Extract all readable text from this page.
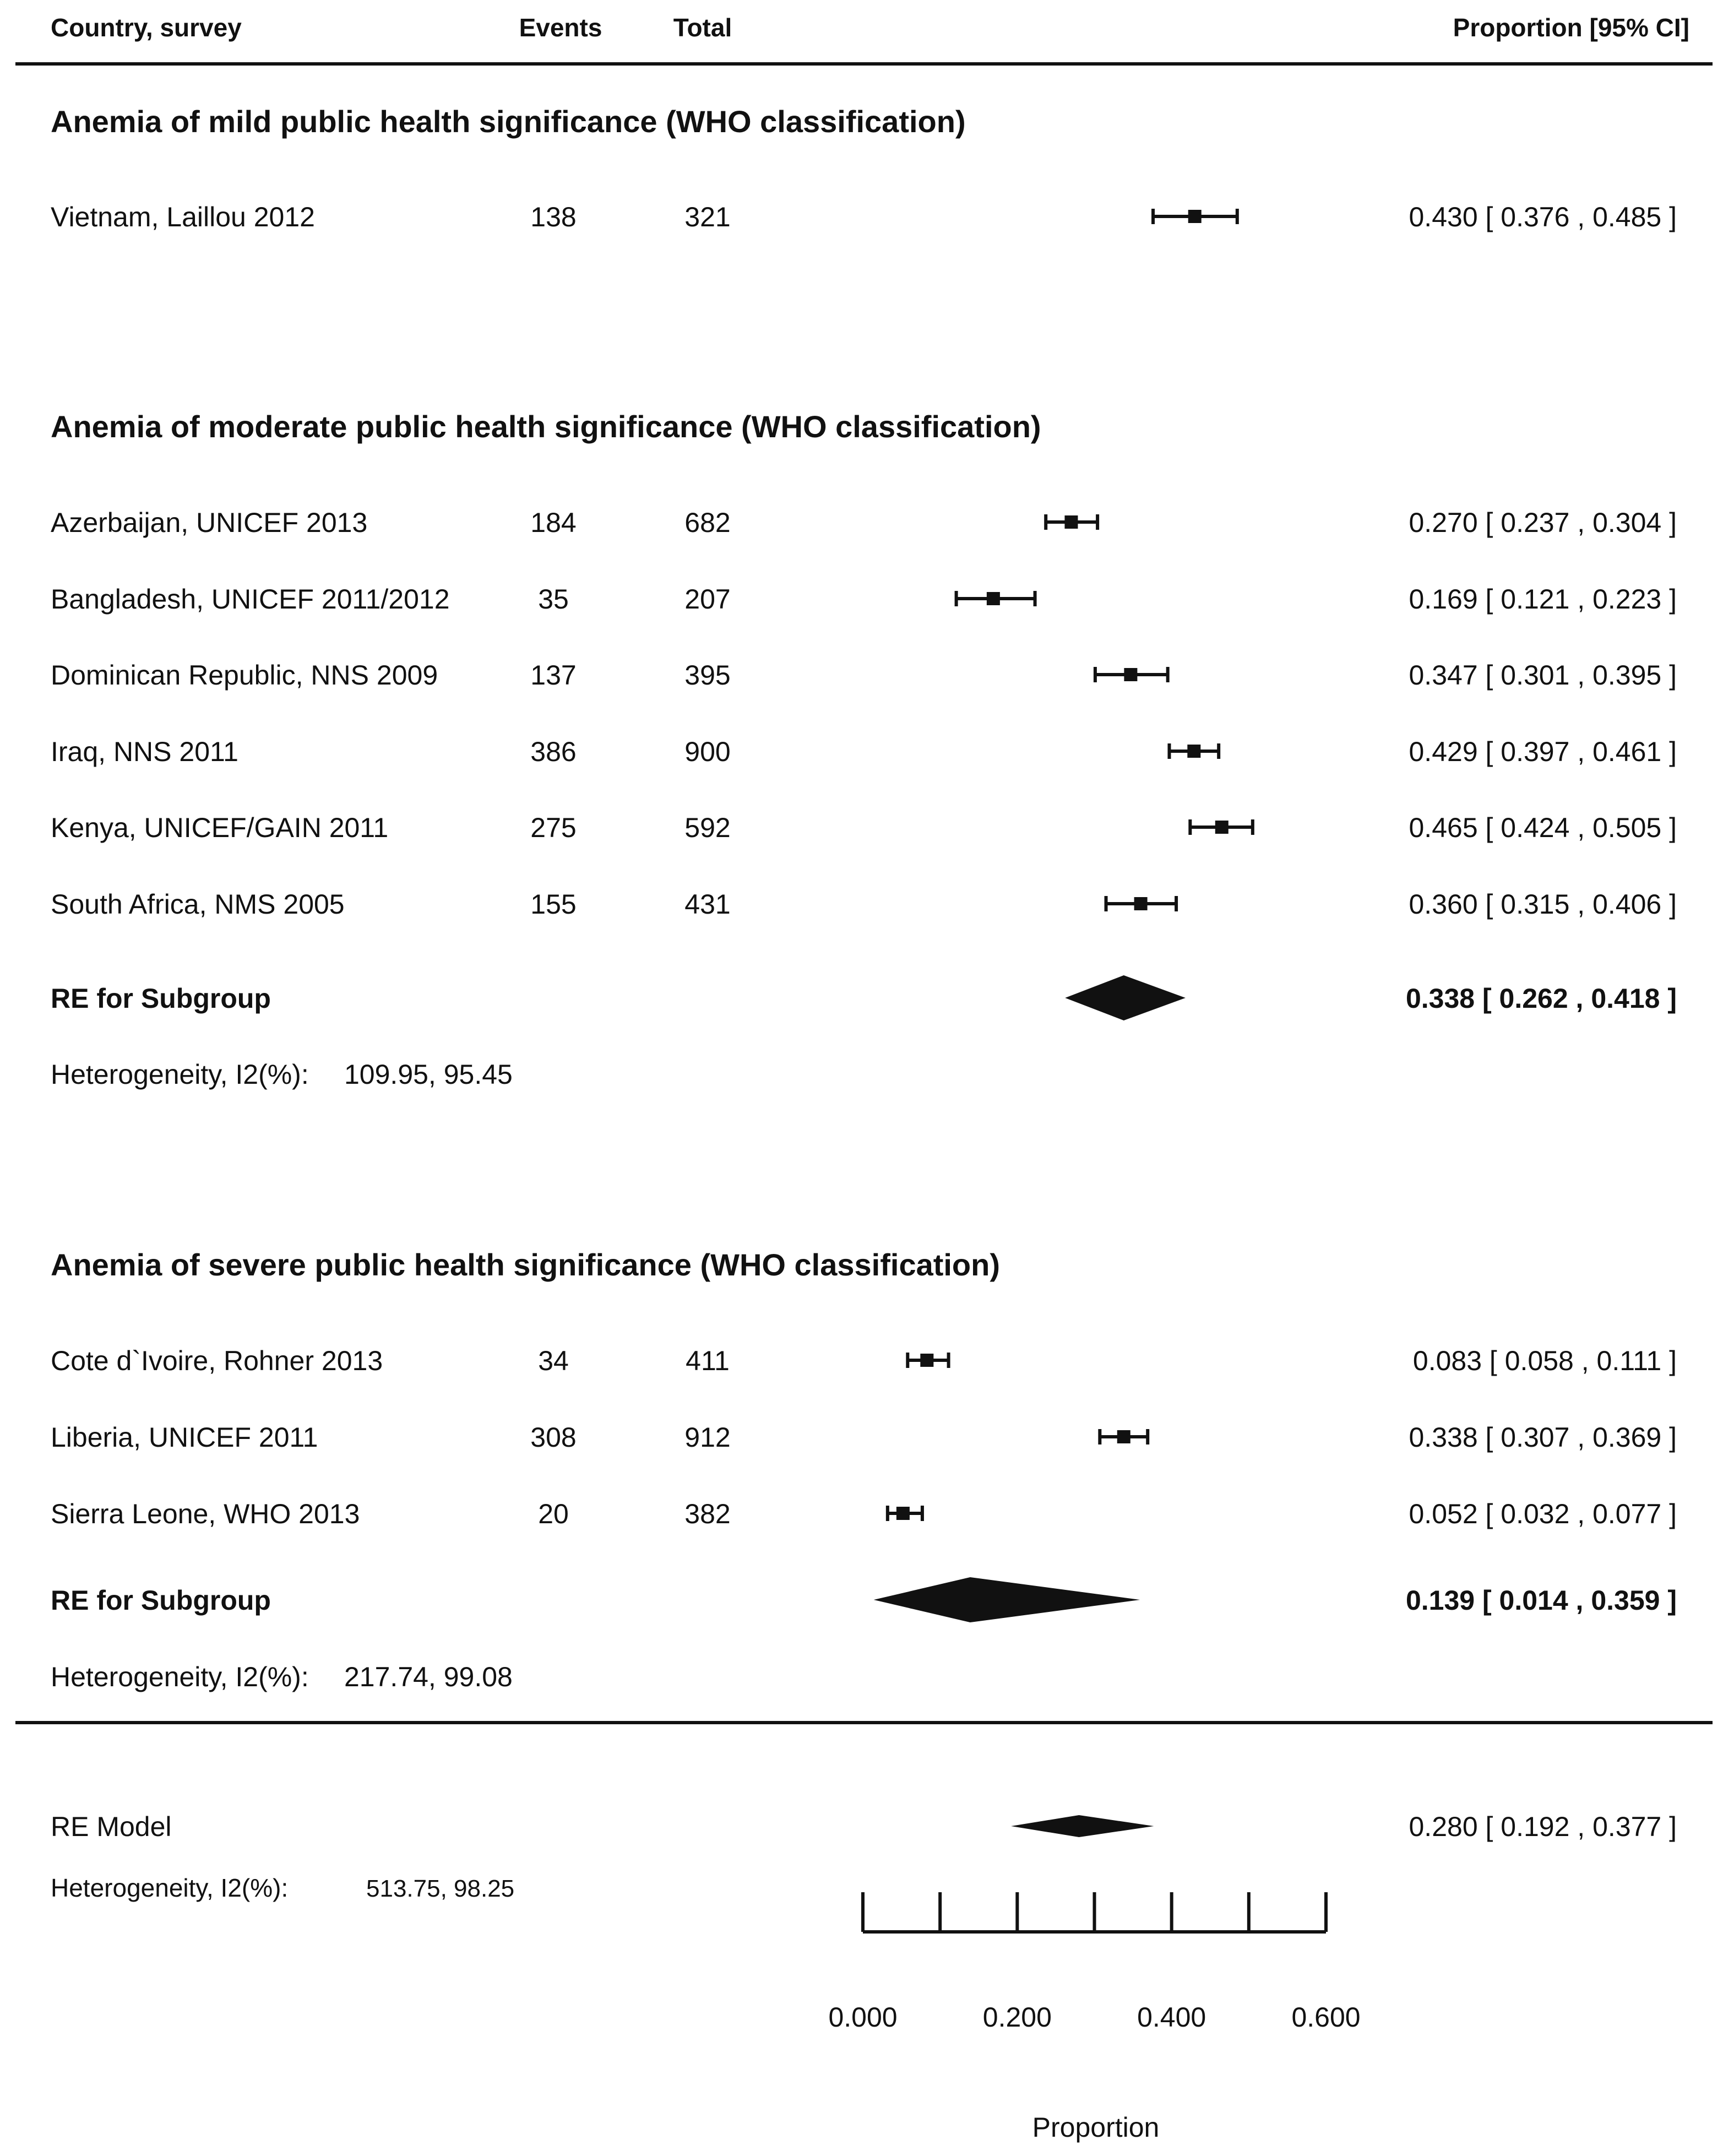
Country, survey	Events	Total	Proportion [95% CI]
Anemia of mild public health significance (WHO classification)
Anemia of moderate public health significance (WHO classification)
Anemia of severe public health significance (WHO classification)
Heterogeneity, I2(%): 109.95, 95.45
Heterogeneity, I2(%): 217.74, 99.08
RE Model	0.280 [ 0.192 , 0.377 ]
Heterogeneity, I2(%):	513.75, 98.25
Proportion
Vietnam, Laillou 2012	138	321	0.430 [ 0.376 , 0.485 ]
Azerbaijan, UNICEF 2013	184	682	0.270 [ 0.237 , 0.304 ]
Bangladesh, UNICEF 2011/2012	35	207	0.169 [ 0.121 , 0.223 ]
Dominican Republic, NNS 2009	137	395	0.347 [ 0.301 , 0.395 ]
Iraq, NNS 2011	386	900	0.429 [ 0.397 , 0.461 ]
Kenya, UNICEF/GAIN 2011	275	592	0.465 [ 0.424 , 0.505 ]
South Africa, NMS 2005	155	431	0.360 [ 0.315 , 0.406 ]
RE for Subgroup	0.338 [ 0.262 , 0.418 ]
Cote d`Ivoire, Rohner 2013	34	411	0.083 [ 0.058 , 0.111 ]
Liberia, UNICEF 2011	308	912	0.338 [ 0.307 , 0.369 ]
Sierra Leone, WHO 2013	20	382	0.052 [ 0.032 , 0.077 ]
RE for Subgroup	0.139 [ 0.014 , 0.359 ]
0.000	0.200	0.400	0.600
